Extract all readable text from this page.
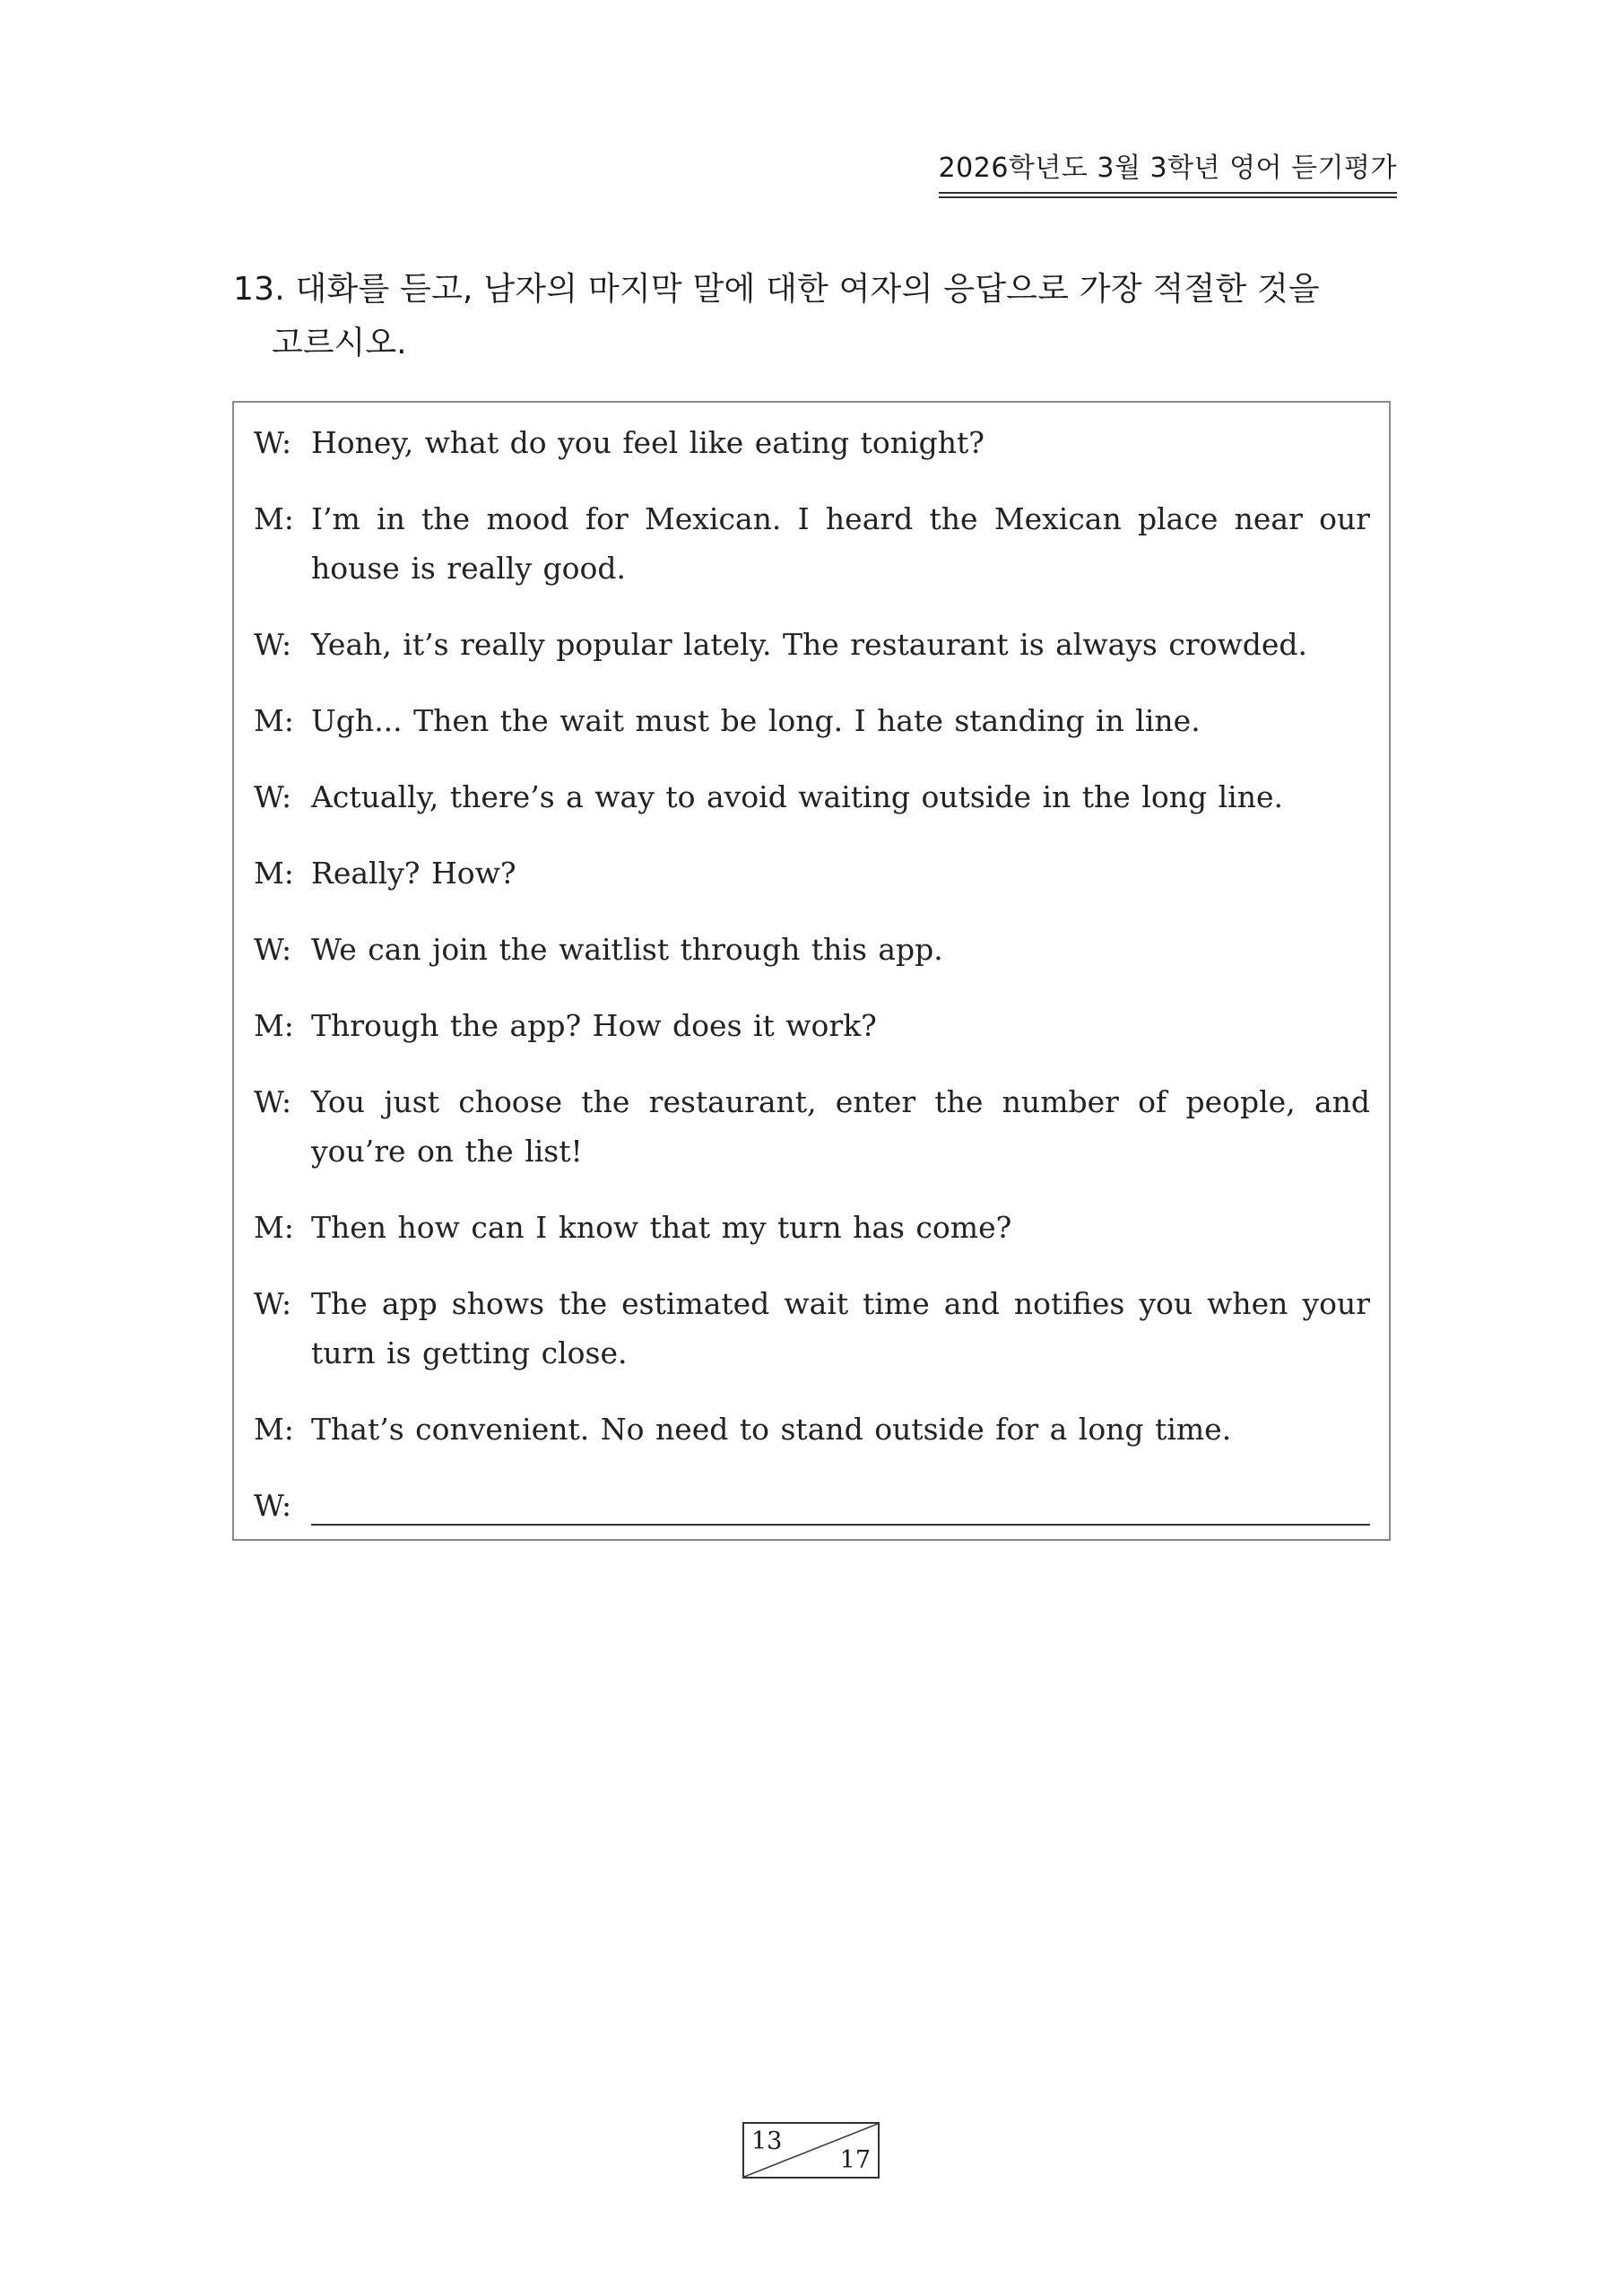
2026학년도 3월 3학년 영어 듣기평가
13. 대화를 듣고, 남자의 마지막 말에 대한 여자의 응답으로 가장 적절한 것을
고르시오.
W: Honey, what do you feel like eating tonight?
M: I’m in the mood for Mexican. I heard the Mexican place near our house is really good.
W: Yeah, it’s really popular lately. The restaurant is always crowded.
M: Ugh... Then the wait must be long. I hate standing in line.
W: Actually, there’s a way to avoid waiting outside in the long line.
M: Really? How?
W: We can join the waitlist through this app.
M: Through the app? How does it work?
W: You just choose the restaurant, enter the number of people, and you’re on the list!
M: Then how can I know that my turn has come?
W: The app shows the estimated wait time and notifies you when your turn is getting close.
M: That’s convenient. No need to stand outside for a long time.
W:
13
17
